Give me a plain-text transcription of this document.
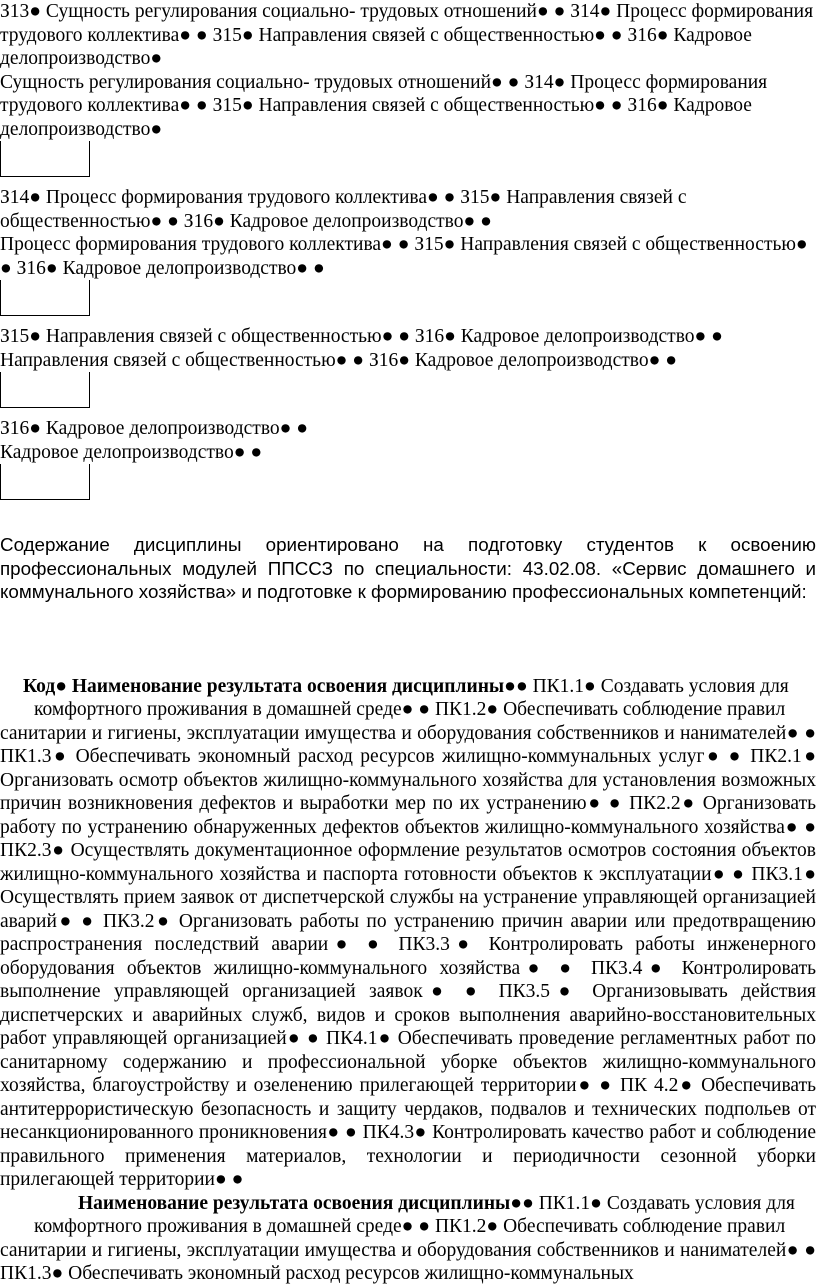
З13● Сущность регулирования социально- трудовых отношений● ● З14● Процесс формирования трудового коллектива● ● З15● Направления связей с общественностью● ● З16● Кадровое делопроизводство●

Сущность регулирования социально- трудовых отношений● ● З14● Процесс формирования трудового коллектива● ● З15● Направления связей с общественностью● ● З16● Кадровое делопроизводство●

З14● Процесс формирования трудового коллектива● ● З15● Направления связей с общественностью● ● З16● Кадровое делопроизводство● ●

Процесс формирования трудового коллектива● ● З15● Направления связей с общественностью● ● З16● Кадровое делопроизводство● ●

З15● Направления связей с общественностью● ● З16● Кадровое делопроизводство● ●

Направления связей с общественностью● ● З16● Кадровое делопроизводство● ●

З16● Кадровое делопроизводство● ●

Кадровое делопроизводство● ●

Содержание дисциплины ориентировано на подготовку студентов к освоению профессиональных модулей ППССЗ по специальности: 43.02.08. «Сервис домашнего и коммунального хозяйства» и подготовке к формированию профессиональных компетенций:

Код● Наименование результата освоения дисциплины●● ПК1.1● Создавать условия для

комфортного проживания в домашней среде● ● ПК1.2● Обеспечивать соблюдение правил

санитарии и гигиены, эксплуатации имущества и оборудования собственников и нанимателей● ● ПК1.3● Обеспечивать экономный расход ресурсов жилищно-коммунальных услуг● ● ПК2.1● Организовать осмотр объектов жилищно-коммунального хозяйства для установления возможных причин возникновения дефектов и выработки мер по их устранению● ● ПК2.2● Организовать работу по устранению обнаруженных дефектов объектов жилищно-коммунального хозяйства● ● ПК2.3● Осуществлять документационное оформление результатов осмотров состояния объектов жилищно-коммунального хозяйства и паспорта готовности объектов к эксплуатации● ● ПК3.1● Осуществлять прием заявок от диспетчерской службы на устранение управляющей организацией аварий● ● ПК3.2● Организовать работы по устранению причин аварии или предотвращению распространения последствий аварии● ● ПК3.3● Контролировать работы инженерного оборудования объектов жилищно-коммунального хозяйства● ● ПК3.4● Контролировать выполнение управляющей организацией заявок● ● ПК3.5● Организовывать действия диспетчерских и аварийных служб, видов и сроков выполнения аварийно-восстановительных работ управляющей организацией● ● ПК4.1● Обеспечивать проведение регламентных работ по санитарному содержанию и профессиональной уборке объектов жилищно-коммунального хозяйства, благоустройству и озеленению прилегающей территории● ● ПК 4.2● Обеспечивать антитеррористическую безопасность и защиту чердаков, подвалов и технических подпольев от несанкционированного проникновения● ● ПК4.3● Контролировать качество работ и соблюдение правильного применения материалов, технологии и периодичности сезонной уборки прилегающей территории● ●

Наименование результата освоения дисциплины●● ПК1.1● Создавать условия для

комфортного проживания в домашней среде● ● ПК1.2● Обеспечивать соблюдение правил

санитарии и гигиены, эксплуатации имущества и оборудования собственников и нанимателей● ● ПК1.3● Обеспечивать экономный расход ресурсов жилищно-коммунальных
